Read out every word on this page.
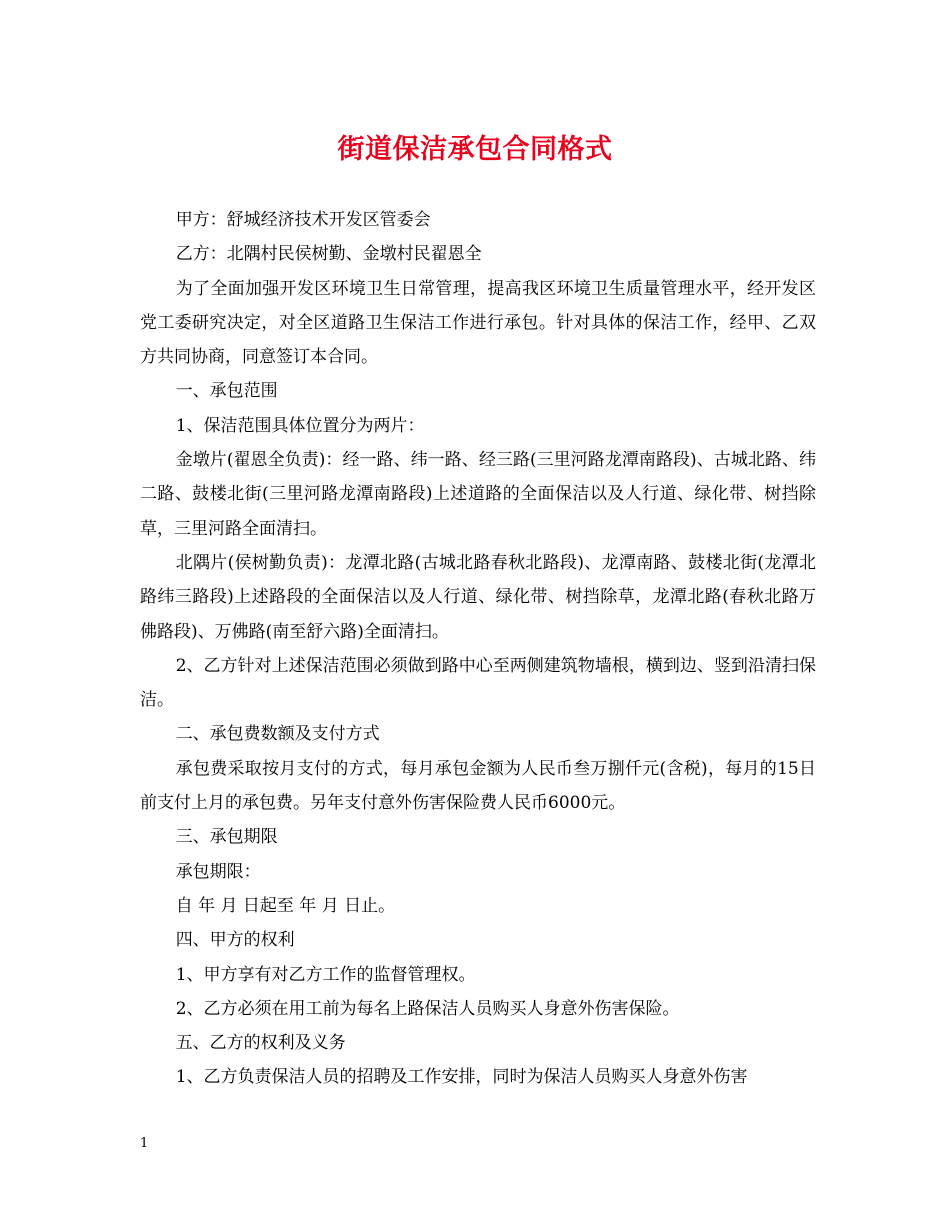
街道保洁承包合同格式

甲方：舒城经济技术开发区管委会

乙方：北隅村民侯树勤、金墩村民翟恩全

为了全面加强开发区环境卫生日常管理，提高我区环境卫生质量管理水平，经开发区党工委研究决定，对全区道路卫生保洁工作进行承包。针对具体的保洁工作，经甲、乙双方共同协商，同意签订本合同。

一、承包范围

1、保洁范围具体位置分为两片：

金墩片(翟恩全负责)：经一路、纬一路、经三路(三里河路龙潭南路段)、古城北路、纬二路、鼓楼北街(三里河路龙潭南路段)上述道路的全面保洁以及人行道、绿化带、树挡除草，三里河路全面清扫。

北隅片(侯树勤负责)：龙潭北路(古城北路春秋北路段)、龙潭南路、鼓楼北街(龙潭北路纬三路段)上述路段的全面保洁以及人行道、绿化带、树挡除草，龙潭北路(春秋北路万佛路段)、万佛路(南至舒六路)全面清扫。

2、乙方针对上述保洁范围必须做到路中心至两侧建筑物墙根，横到边、竖到沿清扫保洁。

二、承包费数额及支付方式

承包费采取按月支付的方式，每月承包金额为人民币叁万捌仟元(含税)，每月的15日前支付上月的承包费。另年支付意外伤害保险费人民币6000元。

三、承包期限

承包期限：

自 年 月 日起至 年 月 日止。

四、甲方的权利

1、甲方享有对乙方工作的监督管理权。

2、乙方必须在用工前为每名上路保洁人员购买人身意外伤害保险。

五、乙方的权利及义务

1、乙方负责保洁人员的招聘及工作安排，同时为保洁人员购买人身意外伤害

1
